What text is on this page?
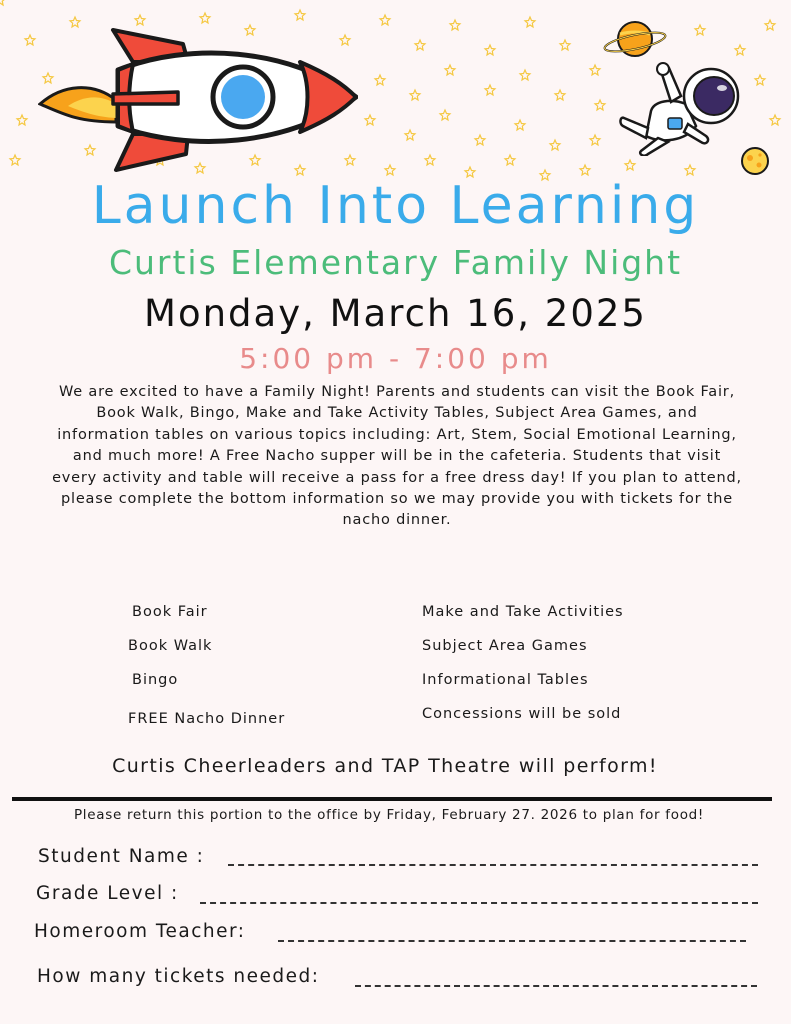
Launch Into Learning
Curtis Elementary Family Night
Monday, March 16, 2025
5:00 pm - 7:00 pm
We are excited to have a Family Night! Parents and students can visit the Book Fair, Book Walk, Bingo, Make and Take Activity Tables, Subject Area Games, and information tables on various topics including: Art, Stem, Social Emotional Learning, and much more! A Free Nacho supper will be in the cafeteria. Students that visit every activity and table will receive a pass for a free dress day! If you plan to attend, please complete the bottom information so we may provide you with tickets for the nacho dinner.
Book Fair
Book Walk
Bingo
FREE Nacho Dinner
Make and Take Activities
Subject Area Games
Informational Tables
Concessions will be sold
Curtis Cheerleaders and TAP Theatre will perform!
Please return this portion to the office by Friday, February 27. 2026 to plan for food!
Student Name :
Grade Level :
Homeroom Teacher:
How many tickets needed:
